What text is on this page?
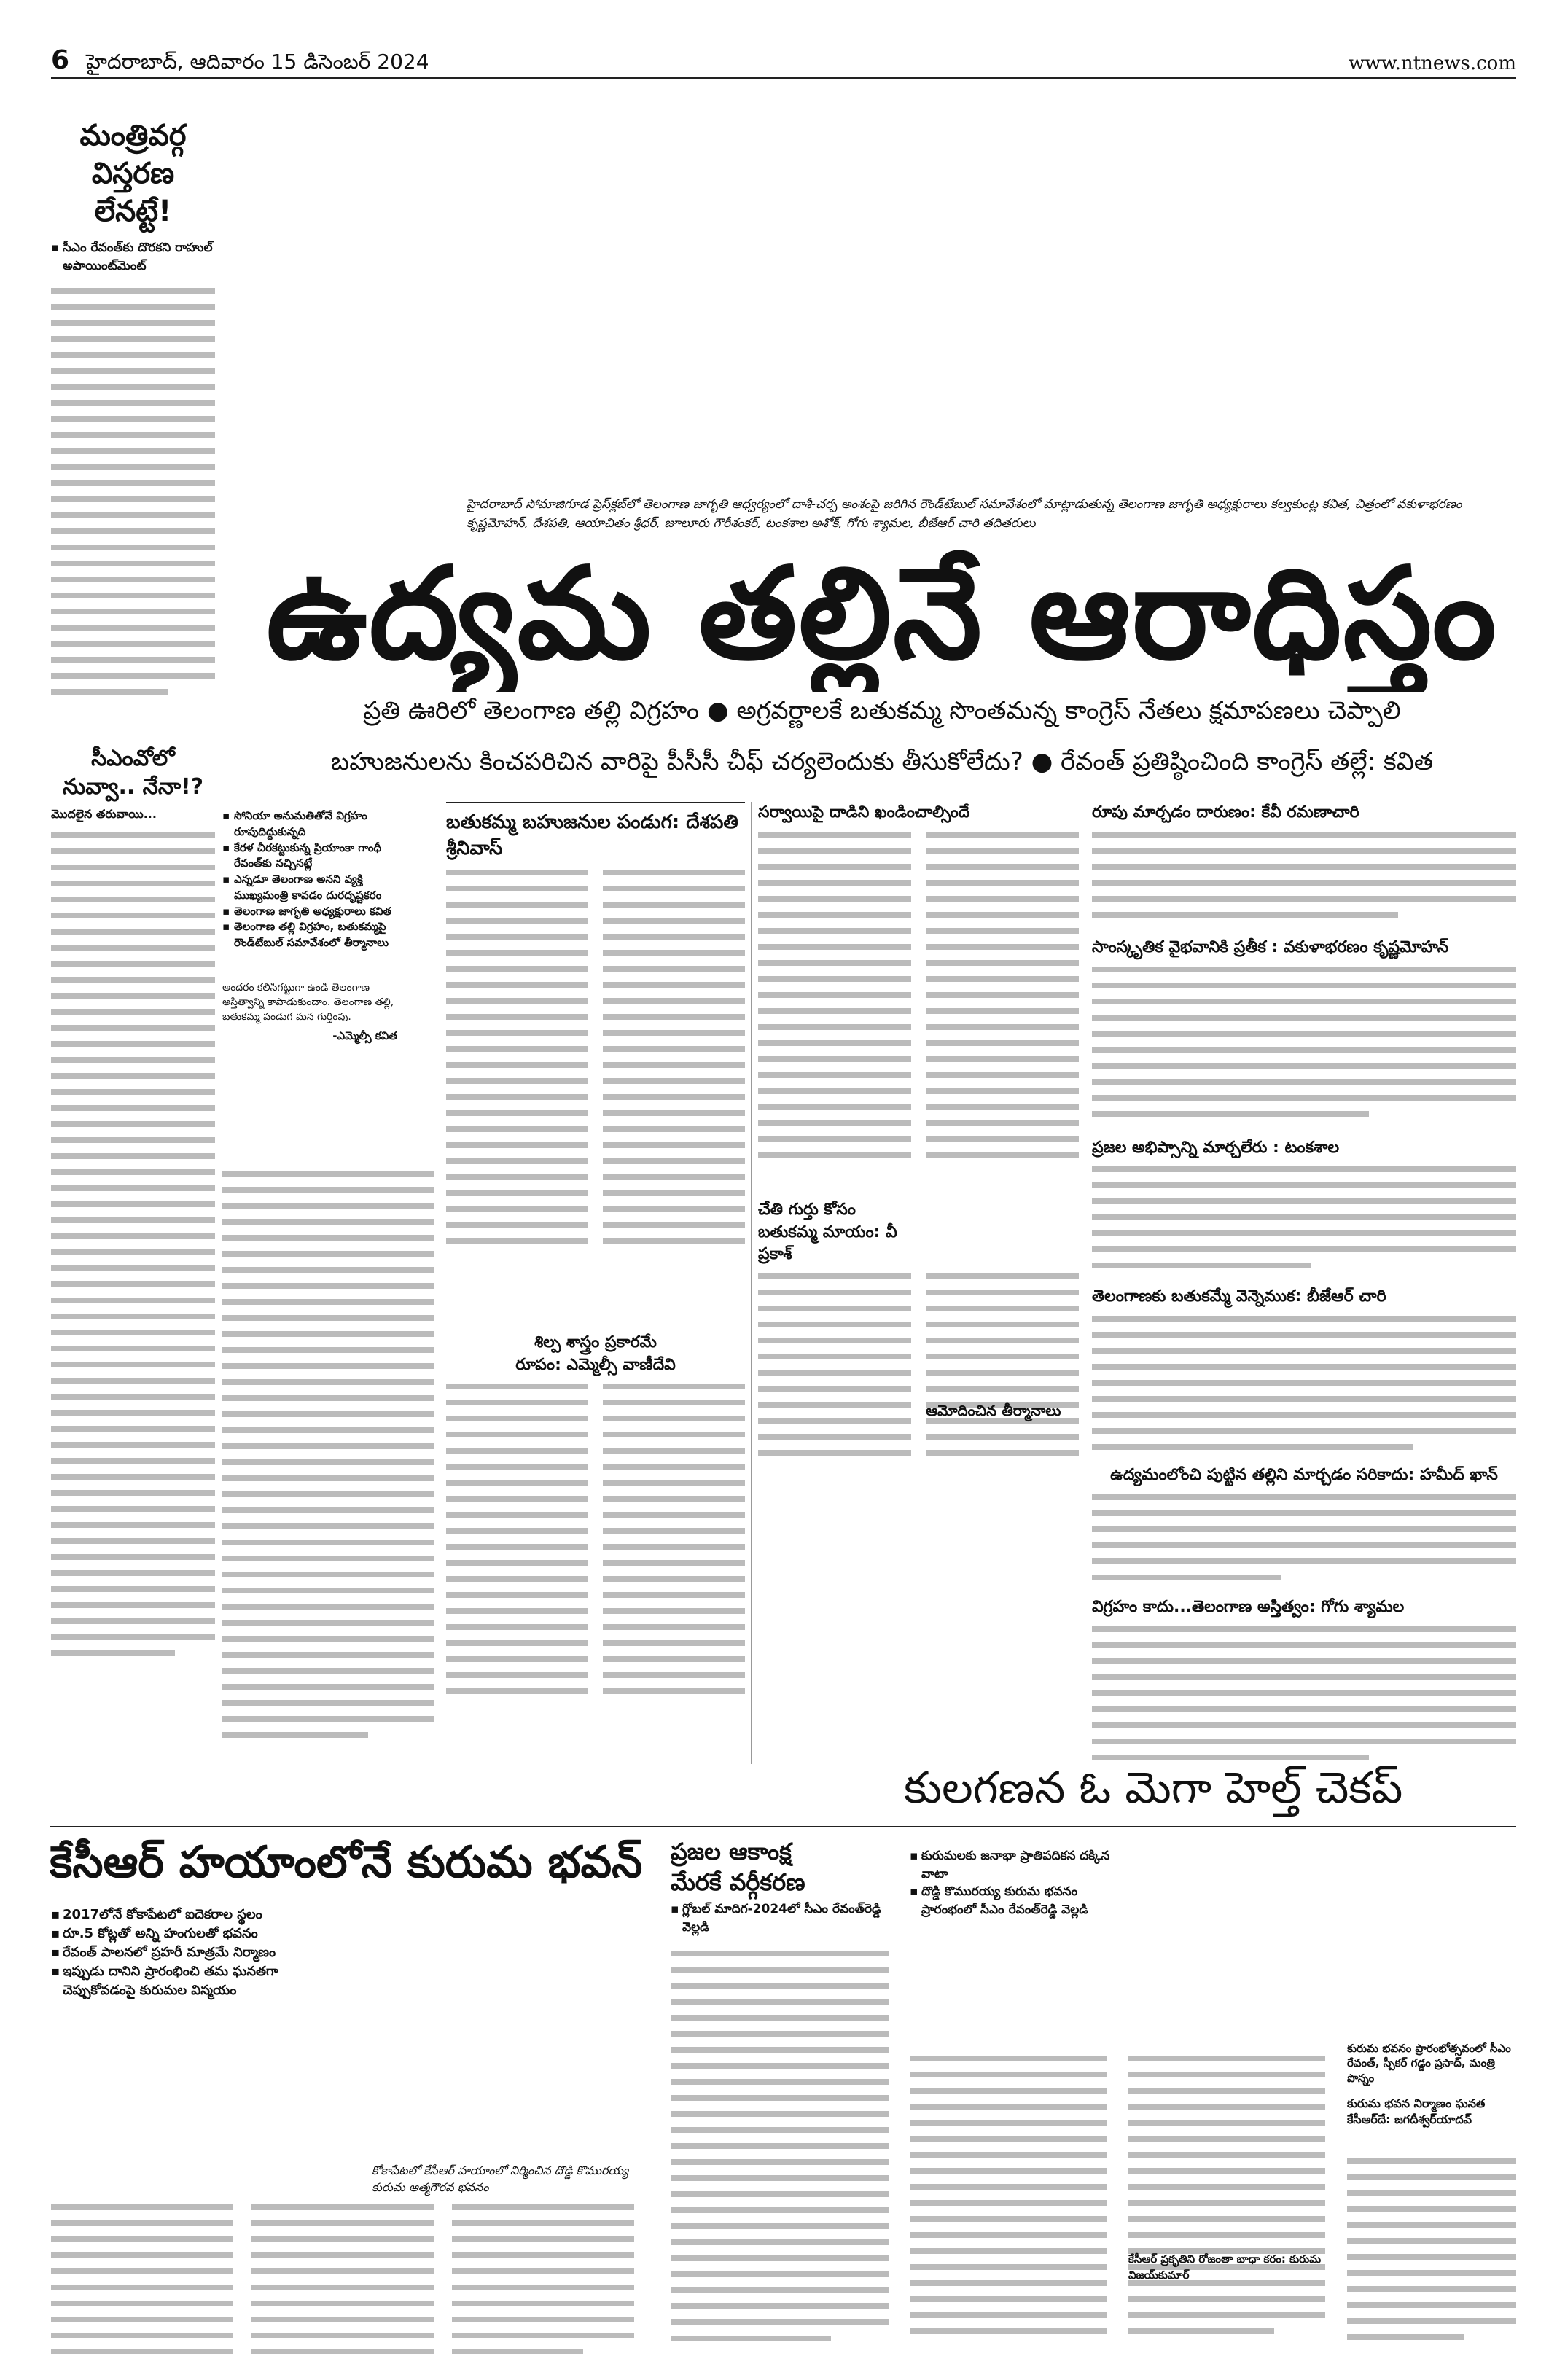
6 హైదరాబాద్, ఆదివారం 15 డిసెంబర్ 2024	www.ntnews.com
మంత్రివర్గ
విస్తరణ లేనట్టే!
▪ సీఎం రేవంత్‌కు దొరకని రాహుల్ అపాయింట్‌మెంట్
సీఎంవోలో
నువ్వా.. నేనా!?
మొదలైన తరువాయి...
హైదరాబాద్ సోమాజిగూడ ప్రెస్‌క్లబ్‌లో తెలంగాణ జాగృతి ఆధ్వర్యంలో దాశీ-చర్చ అంశంపై జరిగిన రౌండ్‌టేబుల్ సమావేశంలో మాట్లాడుతున్న తెలంగాణ జాగృతి అధ్యక్షురాలు కల్వకుంట్ల కవిత, చిత్రంలో వకుళాభరణం కృష్ణమోహన్, దేశపతి, ఆయాచితం శ్రీధర్, జూలూరు గౌరీశంకర్, టంకశాల అశోక్, గోగు శ్యామల, బీజేఆర్ చారి తదితరులు
ఉద్యమ తల్లినే ఆరాధిస్తం
ప్రతి ఊరిలో తెలంగాణ తల్లి విగ్రహం ● అగ్రవర్ణాలకే బతుకమ్మ సొంతమన్న కాంగ్రెస్ నేతలు క్షమాపణలు చెప్పాలి
బహుజనులను కించపరిచిన వారిపై పీసీసీ చీఫ్ చర్యలెందుకు తీసుకోలేదు? ● రేవంత్ ప్రతిష్ఠించింది కాంగ్రెస్ తల్లే: కవిత
▪ సోనియా అనుమతితోనే విగ్రహం రూపుదిద్దుకున్నది
▪ కేరళ చీరకట్టుకున్న ప్రియాంకా గాంధీ రేవంత్‌కు నచ్చినట్లే
▪ ఎన్నడూ తెలంగాణ అనని వ్యక్తి ముఖ్యమంత్రి కావడం దురదృష్టకరం
▪ తెలంగాణ జాగృతి అధ్యక్షురాలు కవిత
▪ తెలంగాణ తల్లి విగ్రహం, బతుకమ్మపై రౌండ్‌టేబుల్ సమావేశంలో తీర్మానాలు
అందరం కలిసిగట్టుగా ఉండి తెలంగాణ అస్తిత్వాన్ని కాపాడుకుందాం. తెలంగాణ తల్లి, బతుకమ్మ పండుగ మన గుర్తింపు.
-ఎమ్మెల్సీ కవిత
బతుకమ్మ బహుజనుల పండుగ: దేశపతి శ్రీనివాస్
శిల్ప శాస్త్రం ప్రకారమే
రూపం: ఎమ్మెల్సీ వాణీదేవి
సర్వాయిపై దాడిని ఖండించాల్సిందే
చేతి గుర్తు కోసం బతుకమ్మ మాయం: వీ ప్రకాశ్
ఆమోదించిన తీర్మానాలు
రూపు మార్చడం దారుణం: కేవీ రమణాచారి
సాంస్కృతిక వైభవానికి ప్రతీక : వకుళాభరణం కృష్ణమోహన్
ప్రజల అభిప్సాన్ని మార్చలేరు : టంకశాల
తెలంగాణకు బతుకమ్మే వెన్నెముక: బీజేఆర్ చారి
ఉద్యమంలోంచి పుట్టిన తల్లిని మార్చడం సరికాదు: హమీద్ ఖాన్
విగ్రహం కాదు...తెలంగాణ అస్తిత్వం: గోగు శ్యామల
కేసీఆర్ హయాంలోనే కురుమ భవన్
▪ 2017లోనే కోకాపేటలో ఐదెకరాల స్థలం
▪ రూ.5 కోట్లతో అన్ని హంగులతో భవనం
▪ రేవంత్ పాలనలో ప్రహరీ మాత్రమే నిర్మాణం
▪ ఇప్పుడు దానిని ప్రారంభించి తమ ఘనతగా చెప్పుకోవడంపై కురుమల విస్మయం
కోకాపేటలో కేసీఆర్ హయాంలో నిర్మించిన దొడ్డి కొమురయ్య కురుమ ఆత్మగౌరవ భవనం
ప్రజల ఆకాంక్ష
మేరకే వర్గీకరణ
▪ గ్లోబల్ మాదిగ-2024లో సీఎం రేవంత్‌రెడ్డి వెల్లడి
కులగణన ఓ మెగా హెల్త్ చెకప్
▪ కురుమలకు జనాభా ప్రాతిపదికన దక్కిన వాటా
▪ దొడ్డి కొమురయ్య కురుమ భవనం ప్రారంభంలో సీఎం రేవంత్‌రెడ్డి వెల్లడి
కేసీఆర్ ప్రకృతిని రోజంతా బాధా కరం: కురుమ విజయ్‌కుమార్
కురుమ భవనం ప్రారంభోత్సవంలో సీఎం రేవంత్, స్పీకర్ గడ్డం ప్రసాద్, మంత్రి పొన్నం
కురుమ భవన నిర్మాణం ఘనత కేసీఆర్‌దే: జగదీశ్వర్‌యాదవ్
